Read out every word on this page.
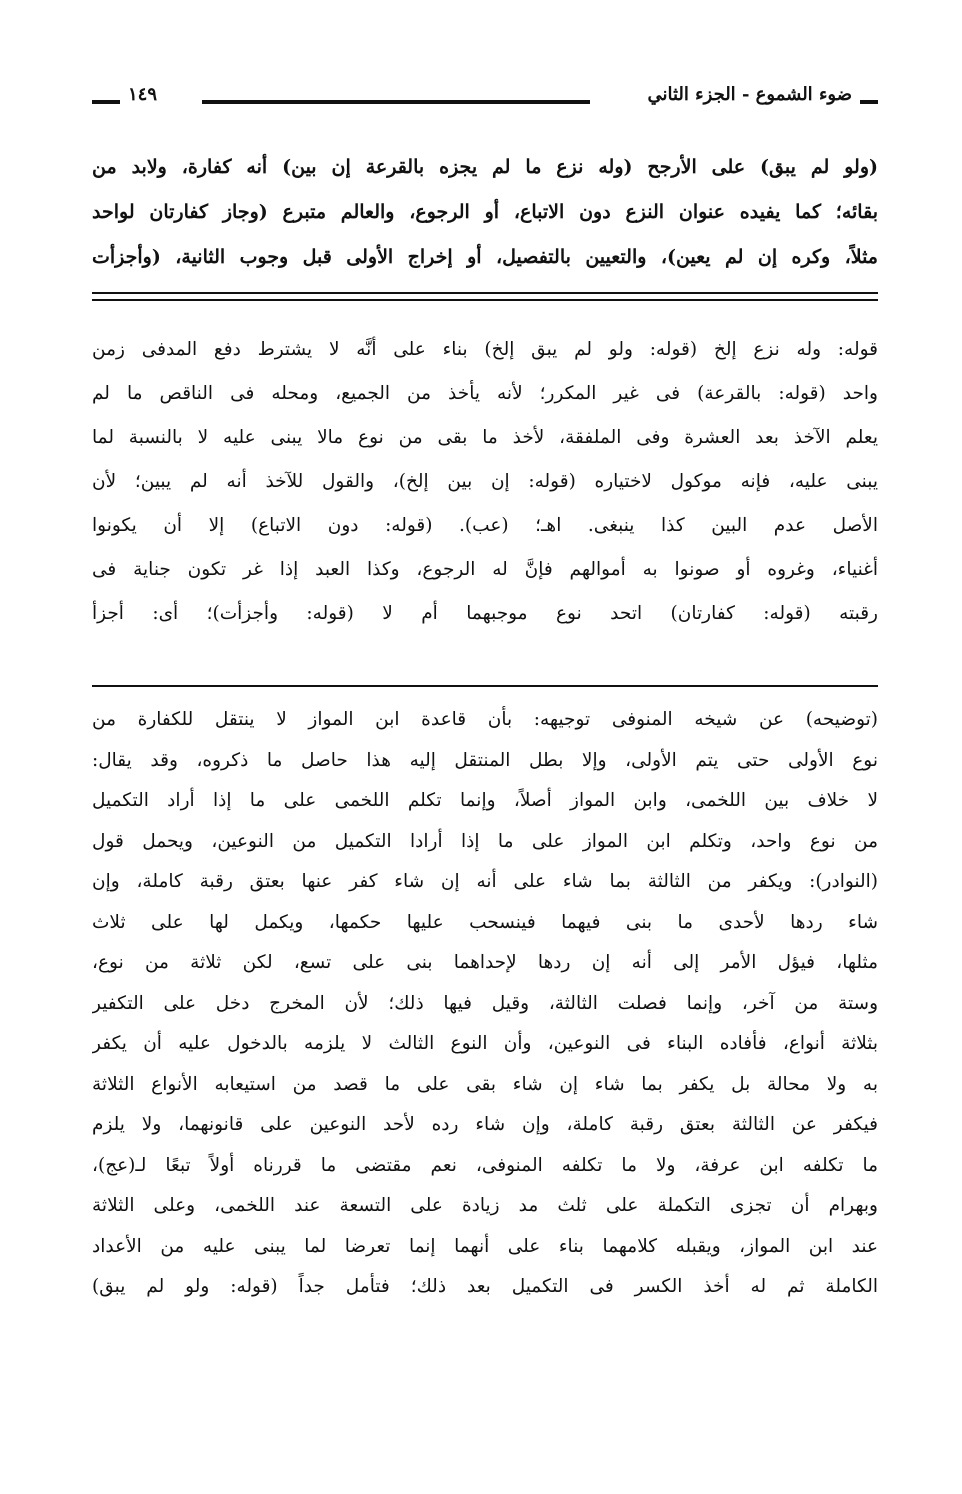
ضوء الشموع - الجزء الثاني
١٤٩

(ولو لم يبق) على الأرجح (وله نزع ما لم يجزه بالقرعة إن بين) أنه كفارة، ولابد من

بقائه؛ كما يفيده عنوان النزع دون الاتباع، أو الرجوع، والعالم متبرع (وجاز كفارتان لواحد

مثلاً، وكره إن لم يعين)، والتعيين بالتفصيل، أو إخراج الأولى قبل وجوب الثانية، (وأجزأت

قوله: وله نزع إلخ (قوله: ولو لم يبق إلخ) بناء على أنَّه لا يشترط دفع المدفى زمن

واحد (قوله: بالقرعة) فى غير المكرر؛ لأنه يأخذ من الجميع، ومحله فى الناقص ما لم

يعلم الآخذ بعد العشرة وفى الملفقة، لأخذ ما بقى من نوع مالا يبنى عليه لا بالنسبة لما

يبنى عليه، فإنه موكول لاختياره (قوله: إن بين إلخ)، والقول للآخذ أنه لم يبين؛ لأن

الأصل عدم البين كذا ينبغى. اهـ؛ (عب). (قوله: دون الاتباع) إلا أن يكونوا

أغنياء، وغروه أو صونوا به أموالهم فإنَّ له الرجوع، وكذا العبد إذا غر تكون جناية فى

رقبته (قوله: كفارتان) اتحد نوع موجبهما أم لا (قوله: وأجزأت)؛ أى: أجزأ

(توضيحه) عن شيخه المنوفى توجيهه: بأن قاعدة ابن المواز لا ينتقل للكفارة من

نوع الأولى حتى يتم الأولى، وإلا بطل المنتقل إليه هذا حاصل ما ذكروه، وقد يقال:

لا خلاف بين اللخمى، وابن المواز أصلاً، وإنما تكلم اللخمى على ما إذا أراد التكميل

من نوع واحد، وتكلم ابن المواز على ما إذا أرادا التكميل من النوعين، ويحمل قول

(النوادر): ويكفر من الثالثة بما شاء على أنه إن شاء كفر عنها بعتق رقبة كاملة، وإن

شاء ردها لأحدى ما بنى فيهما فينسحب عليها حكمها، ويكمل لها على ثلاث

مثلها، فيؤل الأمر إلى أنه إن ردها لإحداهما بنى على تسع، لكن ثلاثة من نوع،

وستة من آخر، وإنما فصلت الثالثة، وقيل فيها ذلك؛ لأن المخرج دخل على التكفير

بثلاثة أنواع، فأفاده البناء فى النوعين، وأن النوع الثالث لا يلزمه بالدخول عليه أن يكفر

به ولا محالة بل يكفر بما شاء إن شاء بقى على ما قصد من استيعابه الأنواع الثلاثة

فيكفر عن الثالثة بعتق رقبة كاملة، وإن شاء رده لأحد النوعين على قانونهما، ولا يلزم

ما تكلفه ابن عرفة، ولا ما تكلفه المنوفى، نعم مقتضى ما قررناه أولاً تبعًا لـ(عج)،

وبهرام أن تجزى التكملة على ثلث مد زيادة على التسعة عند اللخمى، وعلى الثلاثة

عند ابن المواز، ويقبله كلامهما بناء على أنهما إنما تعرضا لما يبنى عليه من الأعداد

الكاملة ثم له أخذ الكسر فى التكميل بعد ذلك؛ فتأمل جداً (قوله: ولو لم يبق)
